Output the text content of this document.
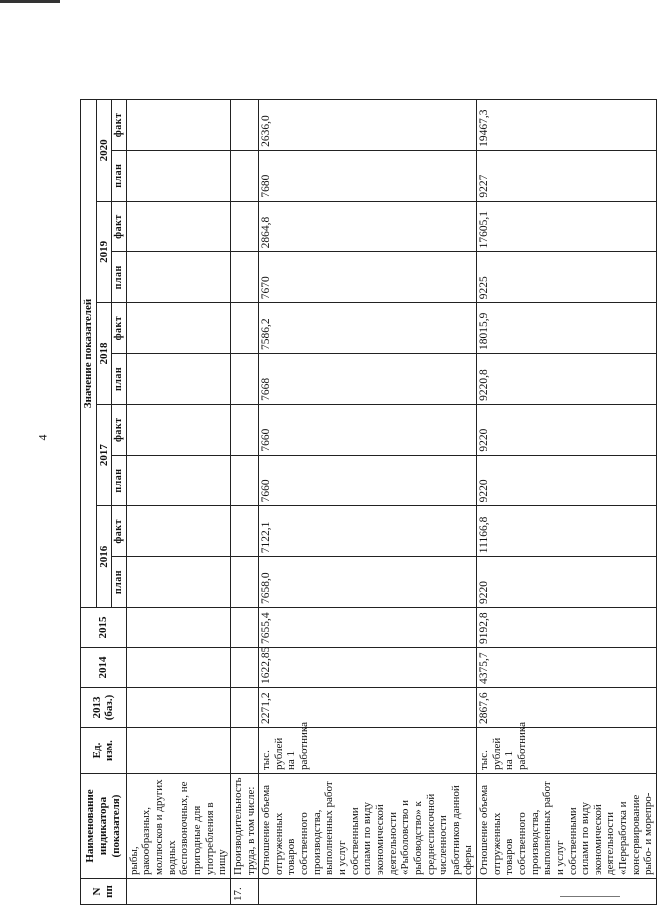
4
N пп	Наименование индикатора (показателя)	Ед. изм.	2013 (баз.)	2014	2015	Значение показателей									
						2016		2017		2018		2019		2020	
						план	факт	план	факт	план	факт	план	факт	план	факт
	рыбы, ракообразных, моллюсков и других водных беспозвоночных, не пригодные для употребления в пищу														
17.	Производительность труда, в том числе:														
	Отношение объема отгруженных товаров собственного производства, выполненных работ и услуг собственными силами по виду экономической деятельности «Рыболовство и рыбоводство» к среднесписочной численности работников данной сферы	тыс. рублей на 1 работника	2271,2	1622,85	7655,4	7658,0	7122,1	7660	7660	7668	7586,2	7670	2864,8	7680	2636,0
	Отношение объема отгруженных товаров собственного производства, выполненных работ и услуг собственными силами по виду экономической деятельности «Переработка и консервирование рыбо- и морепро-	тыс. рублей на 1 работника	2867,6	4375,7	9192,8	9220	11166,8	9220	9220	9220,8	18015,9	9225	17605,1	9227	19467,3
